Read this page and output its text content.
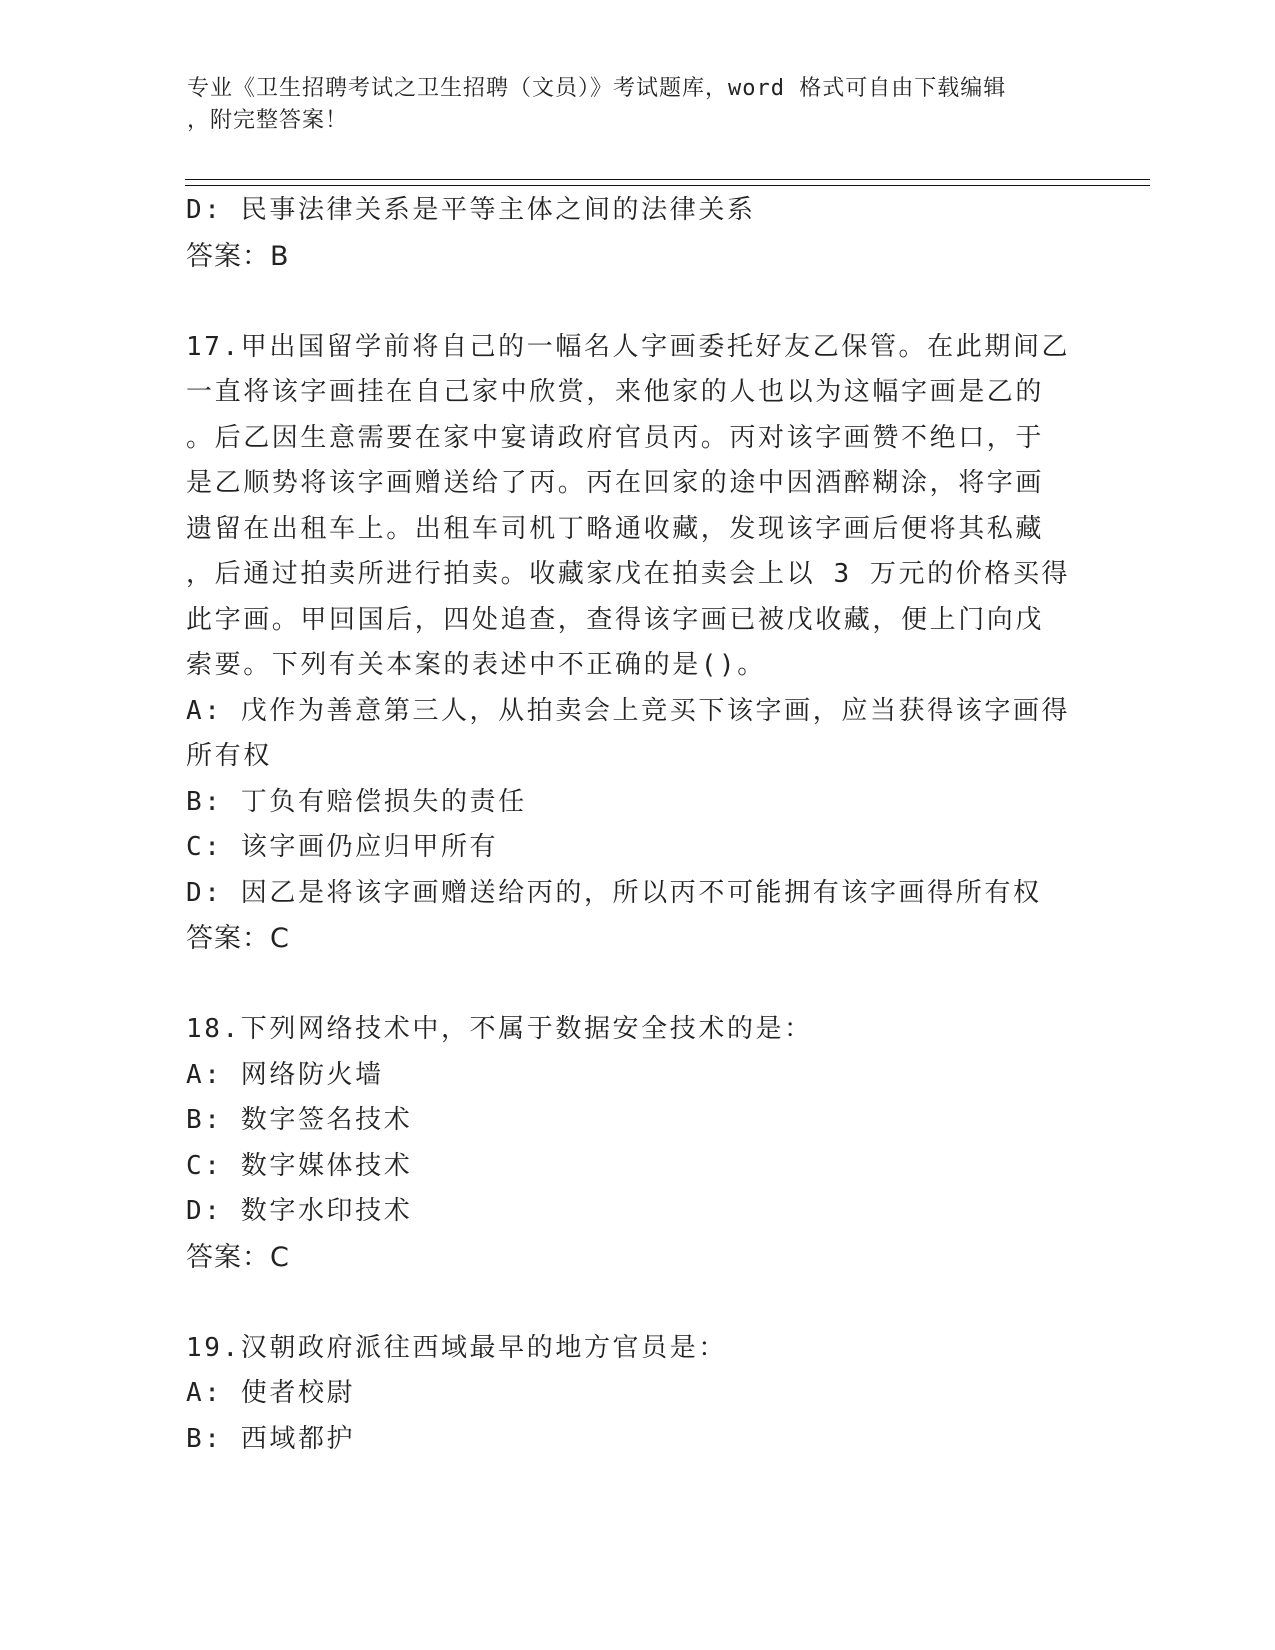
专业《卫生招聘考试之卫生招聘（文员）》考试题库，word 格式可自由下载编辑
，附完整答案！
D: 民事法律关系是平等主体之间的法律关系
答案：B
17.甲出国留学前将自己的一幅名人字画委托好友乙保管。在此期间乙
一直将该字画挂在自己家中欣赏，来他家的人也以为这幅字画是乙的
。后乙因生意需要在家中宴请政府官员丙。丙对该字画赞不绝口，于
是乙顺势将该字画赠送给了丙。丙在回家的途中因酒醉糊涂，将字画
遗留在出租车上。出租车司机丁略通收藏，发现该字画后便将其私藏
，后通过拍卖所进行拍卖。收藏家戊在拍卖会上以 3 万元的价格买得
此字画。甲回国后，四处追查，查得该字画已被戊收藏，便上门向戊
索要。下列有关本案的表述中不正确的是()。
A: 戊作为善意第三人，从拍卖会上竞买下该字画，应当获得该字画得
所有权
B: 丁负有赔偿损失的责任
C: 该字画仍应归甲所有
D: 因乙是将该字画赠送给丙的，所以丙不可能拥有该字画得所有权
答案：C
18.下列网络技术中，不属于数据安全技术的是：
A: 网络防火墙
B: 数字签名技术
C: 数字媒体技术
D: 数字水印技术
答案：C
19.汉朝政府派往西域最早的地方官员是：
A: 使者校尉
B: 西域都护
